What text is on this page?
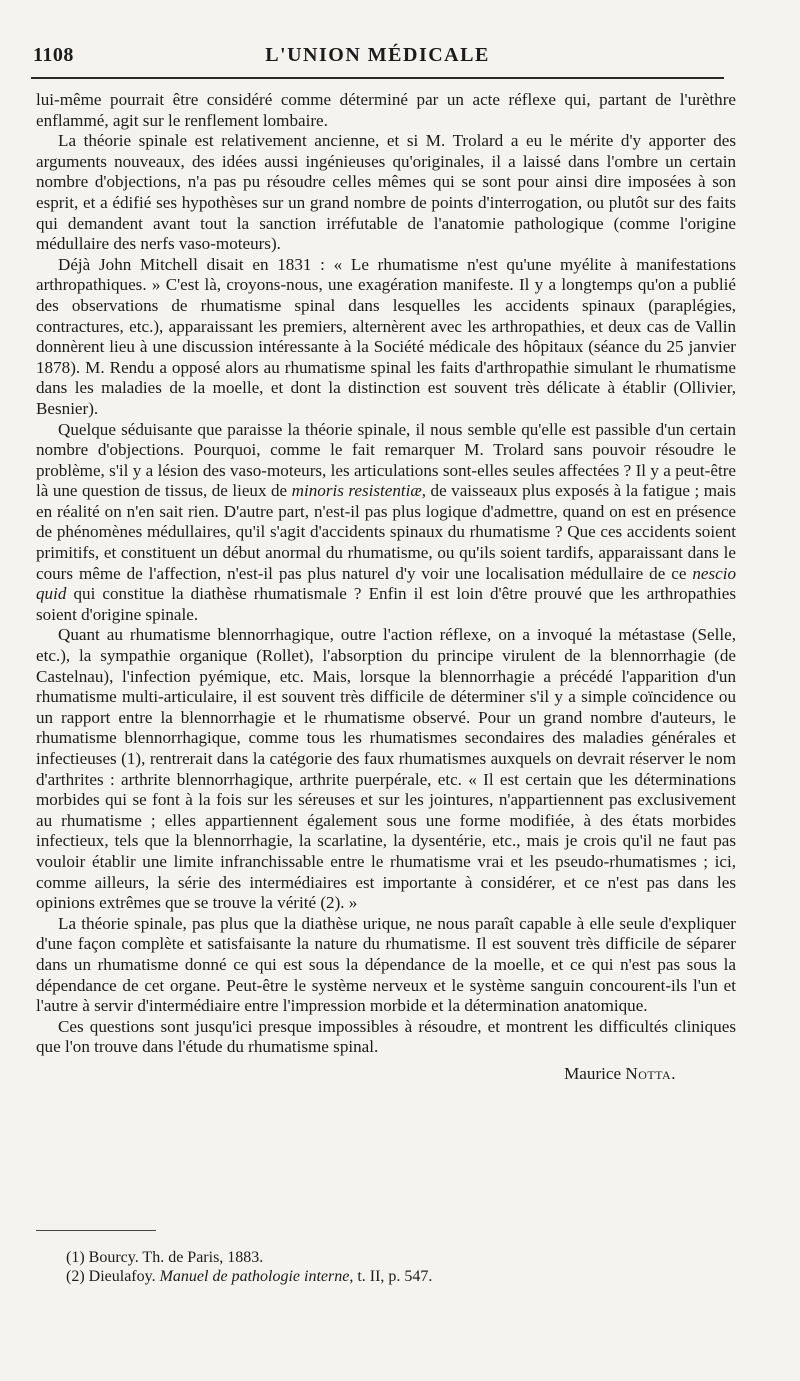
1108	L'UNION MÉDICALE

lui-même pourrait être considéré comme déterminé par un acte réflexe qui, partant de l'urèthre enflammé, agit sur le renflement lombaire.

La théorie spinale est relativement ancienne, et si M. Trolard a eu le mérite d'y apporter des arguments nouveaux, des idées aussi ingénieuses qu'originales, il a laissé dans l'ombre un certain nombre d'objections, n'a pas pu résoudre celles mêmes qui se sont pour ainsi dire imposées à son esprit, et a édifié ses hypothèses sur un grand nombre de points d'interrogation, ou plutôt sur des faits qui demandent avant tout la sanction irréfutable de l'anatomie pathologique (comme l'origine médullaire des nerfs vaso-moteurs).

Déjà John Mitchell disait en 1831 : « Le rhumatisme n'est qu'une myélite à manifestations arthropathiques. » C'est là, croyons-nous, une exagération manifeste. Il y a longtemps qu'on a publié des observations de rhumatisme spinal dans lesquelles les accidents spinaux (paraplégies, contractures, etc.), apparaissant les premiers, alternèrent avec les arthropathies, et deux cas de Vallin donnèrent lieu à une discussion intéressante à la Société médicale des hôpitaux (séance du 25 janvier 1878). M. Rendu a opposé alors au rhumatisme spinal les faits d'arthropathie simulant le rhumatisme dans les maladies de la moelle, et dont la distinction est souvent très délicate à établir (Ollivier, Besnier).

Quelque séduisante que paraisse la théorie spinale, il nous semble qu'elle est passible d'un certain nombre d'objections. Pourquoi, comme le fait remarquer M. Trolard sans pouvoir résoudre le problème, s'il y a lésion des vaso-moteurs, les articulations sont-elles seules affectées ? Il y a peut-être là une question de tissus, de lieux de minoris resistentiæ, de vaisseaux plus exposés à la fatigue ; mais en réalité on n'en sait rien. D'autre part, n'est-il pas plus logique d'admettre, quand on est en présence de phénomènes médullaires, qu'il s'agit d'accidents spinaux du rhumatisme ? Que ces accidents soient primitifs, et constituent un début anormal du rhumatisme, ou qu'ils soient tardifs, apparaissant dans le cours même de l'affection, n'est-il pas plus naturel d'y voir une localisation médullaire de ce nescio quid qui constitue la diathèse rhumatismale ? Enfin il est loin d'être prouvé que les arthropathies soient d'origine spinale.

Quant au rhumatisme blennorrhagique, outre l'action réflexe, on a invoqué la métastase (Selle, etc.), la sympathie organique (Rollet), l'absorption du principe virulent de la blennorrhagie (de Castelnau), l'infection pyémique, etc. Mais, lorsque la blennorrhagie a précédé l'apparition d'un rhumatisme multi-articulaire, il est souvent très difficile de déterminer s'il y a simple coïncidence ou un rapport entre la blennorrhagie et le rhumatisme observé. Pour un grand nombre d'auteurs, le rhumatisme blennorrhagique, comme tous les rhumatismes secondaires des maladies générales et infectieuses (1), rentrerait dans la catégorie des faux rhumatismes auxquels on devrait réserver le nom d'arthrites : arthrite blennorrhagique, arthrite puerpérale, etc. « Il est certain que les déterminations morbides qui se font à la fois sur les séreuses et sur les jointures, n'appartiennent pas exclusivement au rhumatisme ; elles appartiennent également sous une forme modifiée, à des états morbides infectieux, tels que la blennorrhagie, la scarlatine, la dysentérie, etc., mais je crois qu'il ne faut pas vouloir établir une limite infranchissable entre le rhumatisme vrai et les pseudo-rhumatismes ; ici, comme ailleurs, la série des intermédiaires est importante à considérer, et ce n'est pas dans les opinions extrêmes que se trouve la vérité (2). »

La théorie spinale, pas plus que la diathèse urique, ne nous paraît capable à elle seule d'expliquer d'une façon complète et satisfaisante la nature du rhumatisme. Il est souvent très difficile de séparer dans un rhumatisme donné ce qui est sous la dépendance de la moelle, et ce qui n'est pas sous la dépendance de cet organe. Peut-être le système nerveux et le système sanguin concourent-ils l'un et l'autre à servir d'intermédiaire entre l'impression morbide et la détermination anatomique.

Ces questions sont jusqu'ici presque impossibles à résoudre, et montrent les difficultés cliniques que l'on trouve dans l'étude du rhumatisme spinal.

Maurice Notta.
(1) Bourcy. Th. de Paris, 1883.
(2) Dieulafoy. Manuel de pathologie interne, t. II, p. 547.
